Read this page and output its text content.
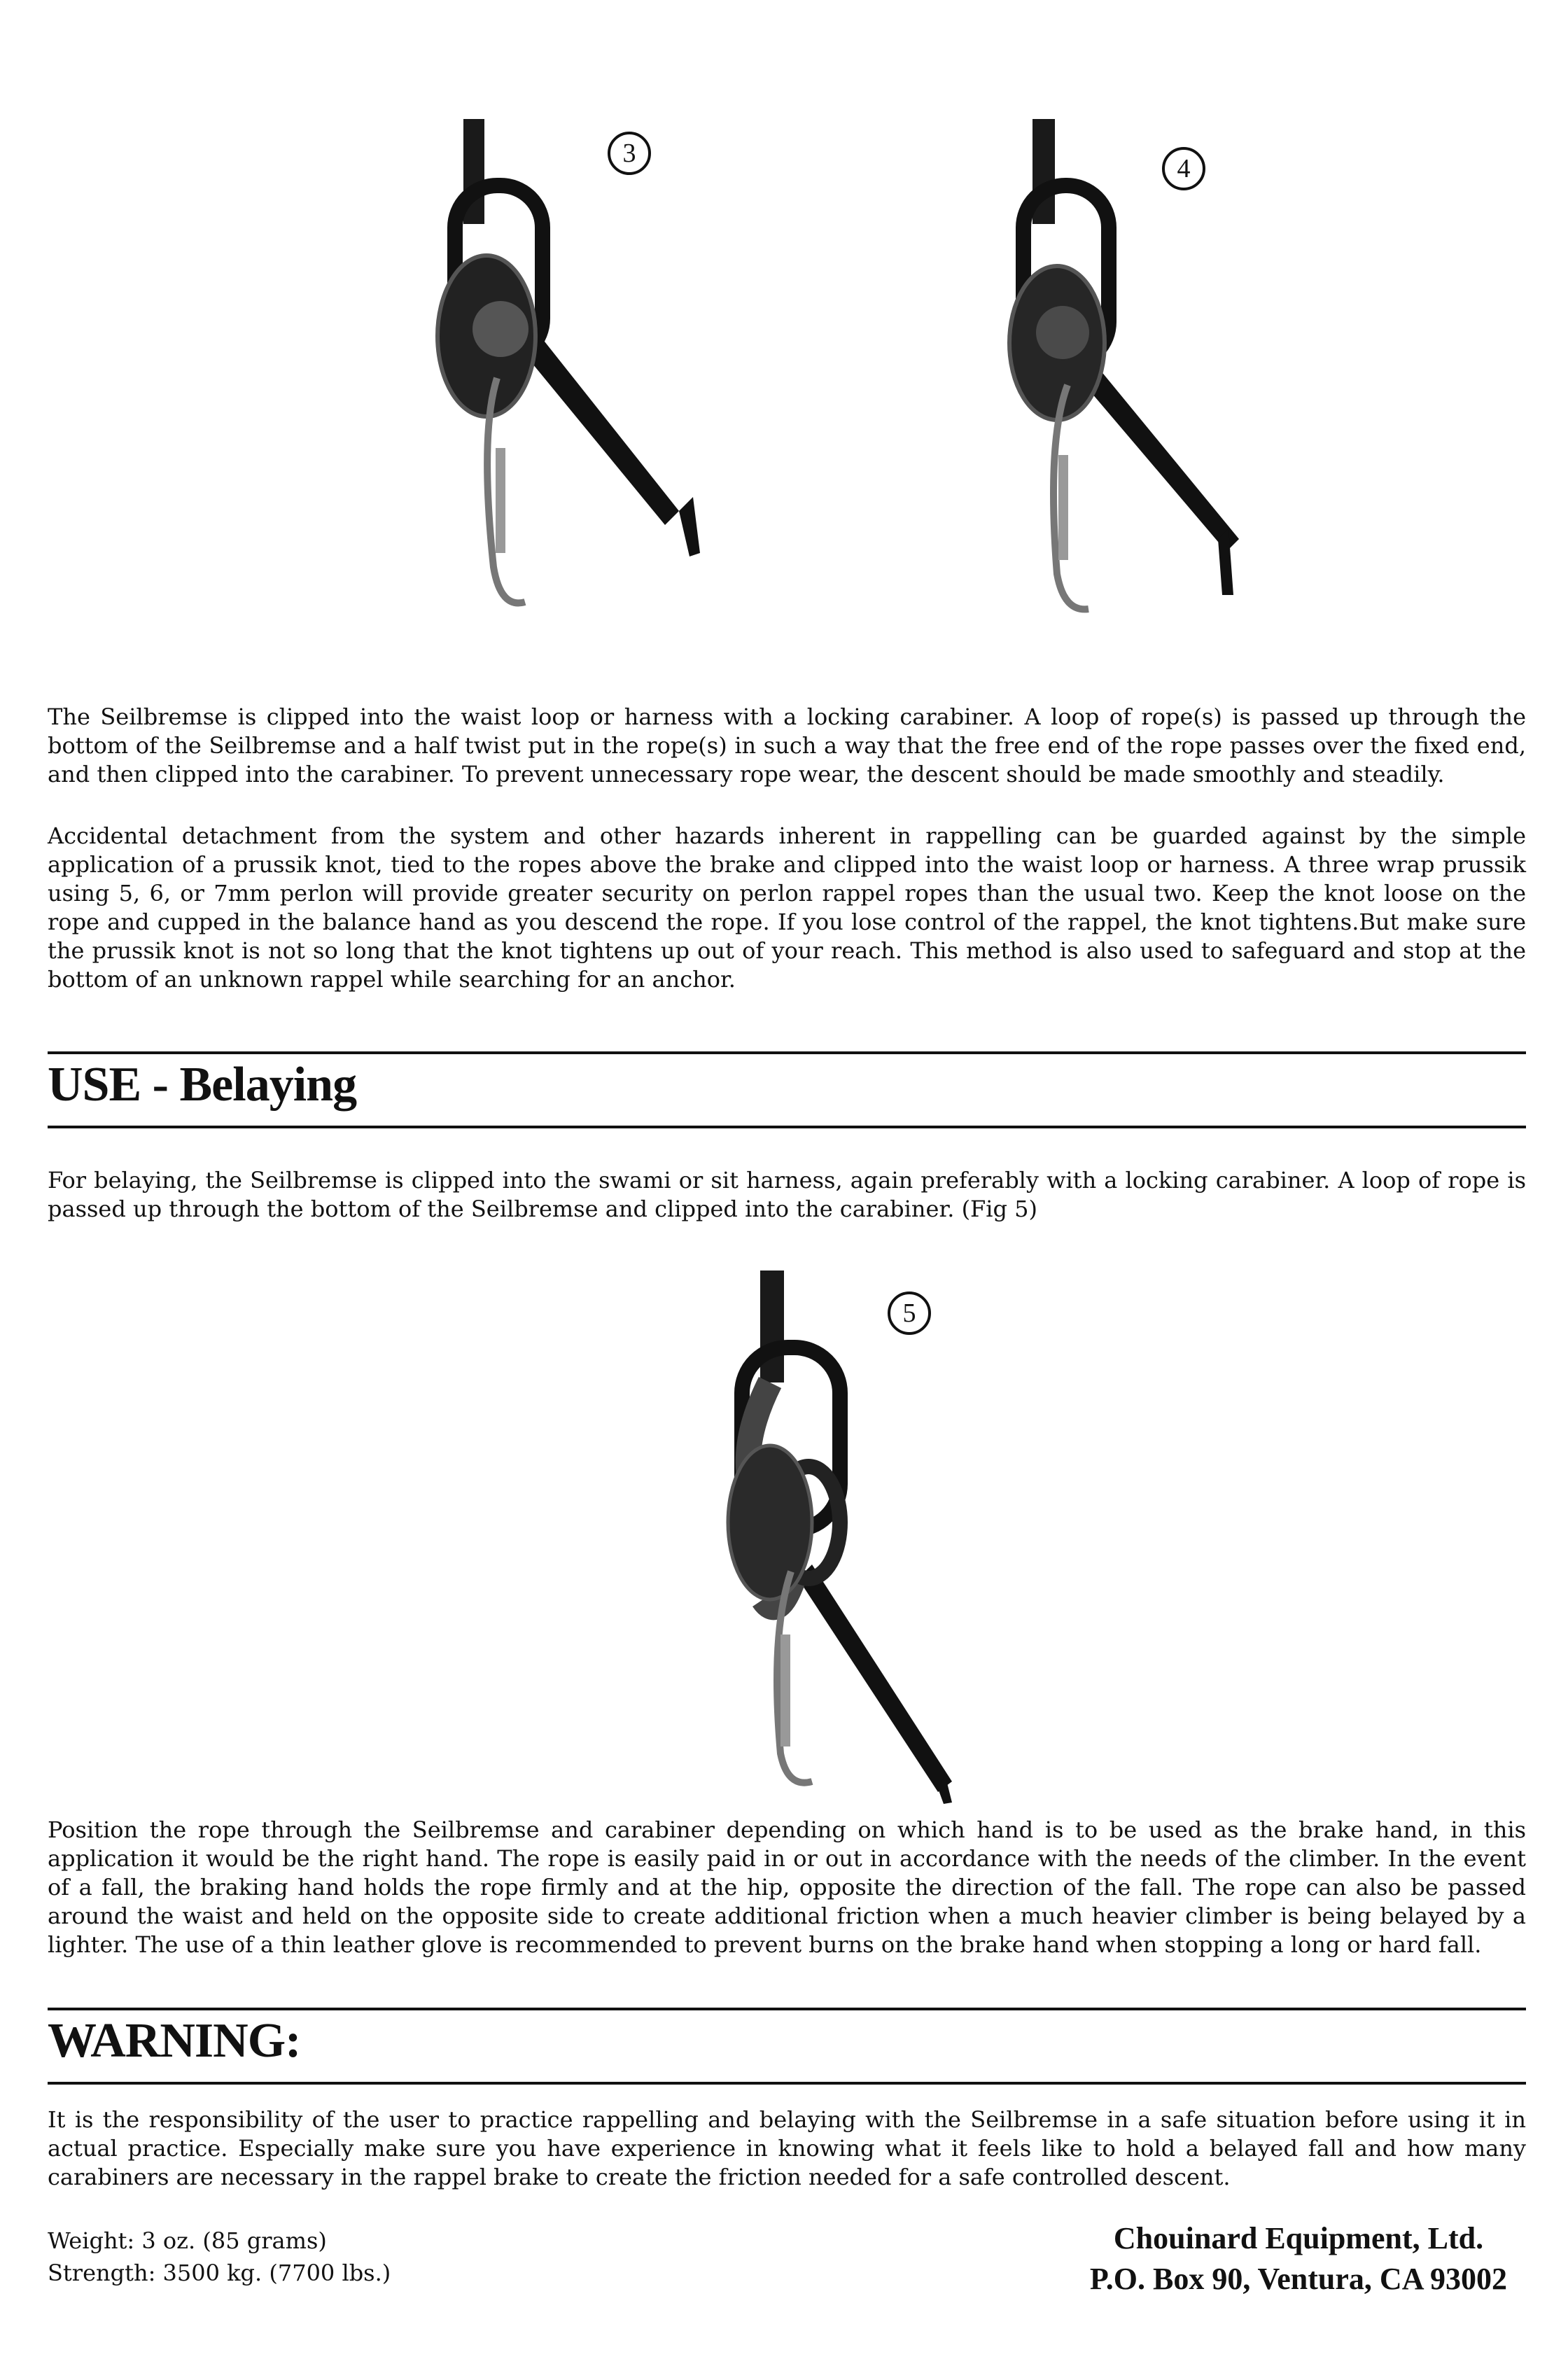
3
4

The Seilbremse is clipped into the waist loop or harness with a locking carabiner. A loop of rope(s) is passed up through the bottom of the Seilbremse and a half twist put in the rope(s) in such a way that the free end of the rope passes over the fixed end, and then clipped into the carabiner. To prevent unnecessary rope wear, the descent should be made smoothly and steadily.

Accidental detachment from the system and other hazards inherent in rappelling can be guarded against by the simple application of a prussik knot, tied to the ropes above the brake and clipped into the waist loop or harness. A three wrap prussik using 5, 6, or 7mm perlon will provide greater security on perlon rappel ropes than the usual two. Keep the knot loose on the rope and cupped in the balance hand as you descend the rope. If you lose control of the rappel, the knot tightens.But make sure the prussik knot is not so long that the knot tightens up out of your reach. This method is also used to safeguard and stop at the bottom of an unknown rappel while searching for an anchor.

USE - Belaying

For belaying, the Seilbremse is clipped into the swami or sit harness, again preferably with a locking carabiner. A loop of rope is passed up through the bottom of the Seilbremse and clipped into the carabiner. (Fig 5)

5

Position the rope through the Seilbremse and carabiner depending on which hand is to be used as the brake hand, in this application it would be the right hand. The rope is easily paid in or out in accordance with the needs of the climber. In the event of a fall, the braking hand holds the rope firmly and at the hip, opposite the direction of the fall. The rope can also be passed around the waist and held on the opposite side to create additional friction when a much heavier climber is being belayed by a lighter. The use of a thin leather glove is recommended to prevent burns on the brake hand when stopping a long or hard fall.

WARNING:

It is the responsibility of the user to practice rappelling and belaying with the Seilbremse in a safe situation before using it in actual practice. Especially make sure you have experience in knowing what it feels like to hold a belayed fall and how many carabiners are necessary in the rappel brake to create the friction needed for a safe controlled descent.

Weight: 3 oz. (85 grams)

Strength: 3500 kg. (7700 lbs.)

Chouinard Equipment, Ltd.

P.O. Box 90, Ventura, CA 93002
